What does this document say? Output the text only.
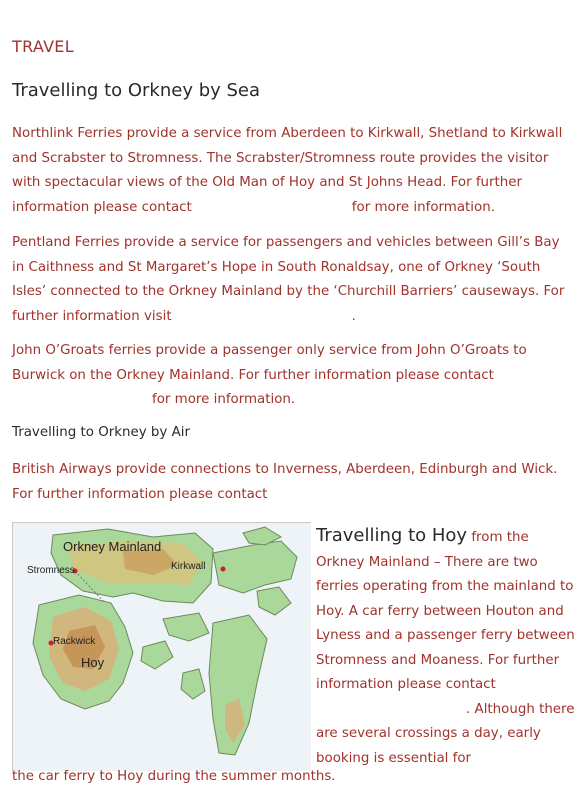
TRAVEL
Travelling to Orkney by Sea

Northlink Ferries provide a service from Aberdeen to Kirkwall, Shetland to Kirkwall and Scrabster to Stromness. The Scrabster/Stromness route provides the visitor with spectacular views of the Old Man of Hoy and St Johns Head. For further information please contact	for more information.

Pentland Ferries provide a service for passengers and vehicles between Gill’s Bay in Caithness and St Margaret’s Hope in South Ronaldsay, one of Orkney ‘South Isles’ connected to the Orkney Mainland by the ‘Churchill Barriers’ causeways. For further information visit	.

John O’Groats ferries provide a passenger only service from John O’Groats to Burwick on the Orkney Mainland. For further information please contactfor more information.

Travelling to Orkney by Air

British Airways provide connections to Inverness, Aberdeen, Edinburgh and Wick. For further information please contact

Orkney Mainland
Kirkwall
Stromness
Rackwick
Hoy
Travelling to Hoy from the Orkney Mainland – There are two ferries operating from the mainland to Hoy. A car ferry between Houton and Lyness and a passenger ferry between Stromness and Moaness. For further information please contact. Although there are several crossings a day, early booking is essential for
the car ferry to Hoy during the summer months.
